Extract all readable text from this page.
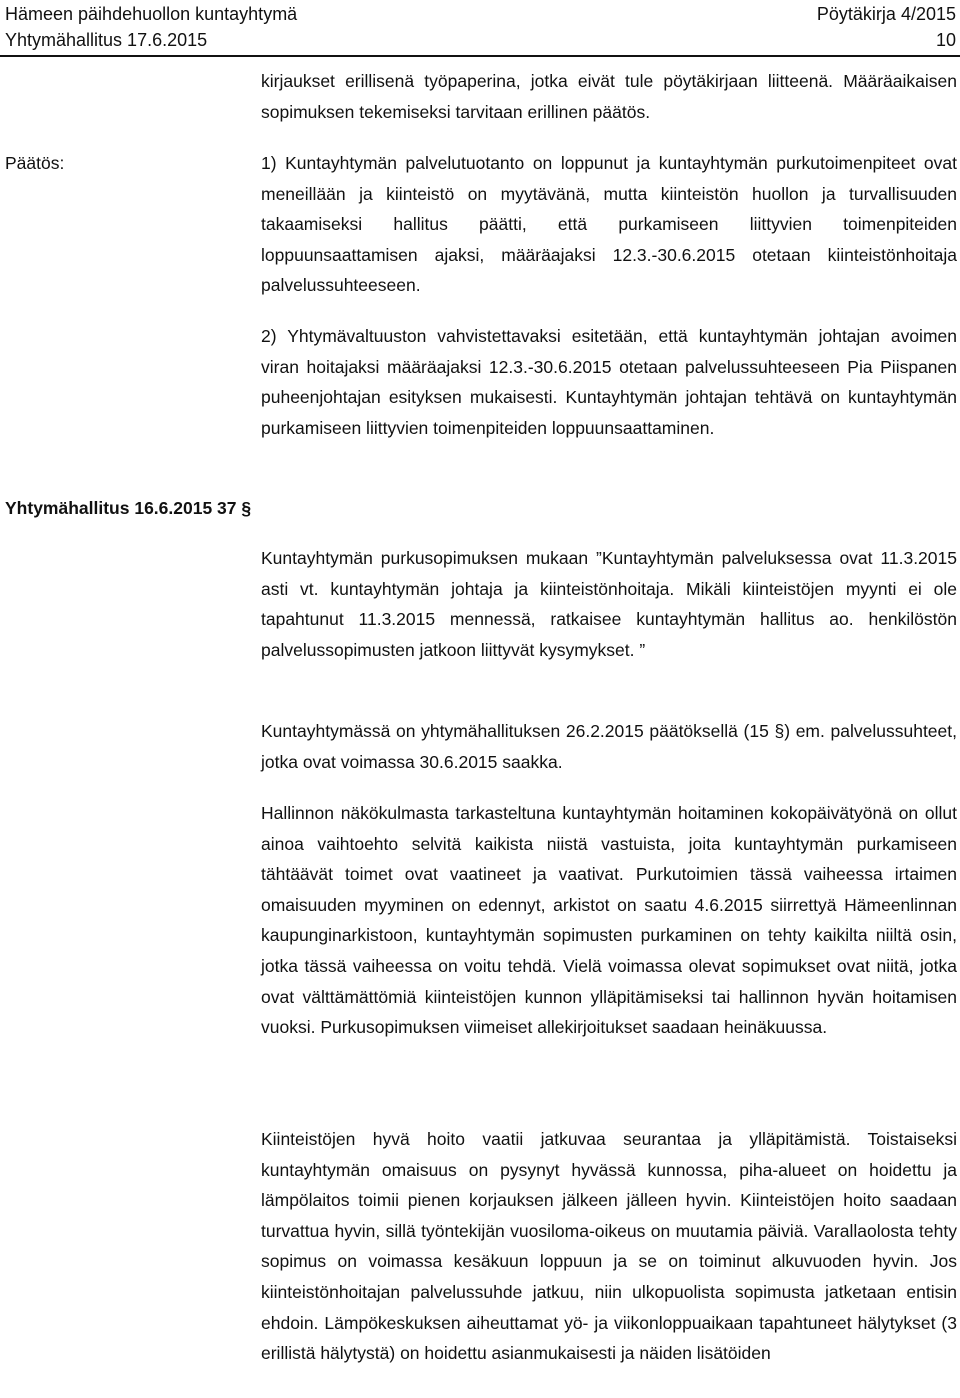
Hämeen päihdehuollon kuntayhtymä	Pöytäkirja 4/2015
Yhtymähallitus 17.6.2015	10
Päätös:
Yhtymähallitus 16.6.2015 37 §

kirjaukset erillisenä työpaperina, jotka eivät tule pöytäkirjaan liitteenä. Määräaikaisen sopimuksen tekemiseksi tarvitaan erillinen päätös.

1) Kuntayhtymän palvelutuotanto on loppunut ja kuntayhtymän purkutoimenpiteet ovat meneillään ja kiinteistö on myytävänä, mutta kiinteistön huollon ja turvallisuuden takaamiseksi hallitus päätti, että purkamiseen liittyvien toimenpiteiden loppuunsaattamisen ajaksi, määräajaksi 12.3.-30.6.2015 otetaan kiinteistönhoitaja palvelussuhteeseen.

2) Yhtymävaltuuston vahvistettavaksi esitetään, että kuntayhtymän johtajan avoimen viran hoitajaksi määräajaksi 12.3.-30.6.2015 otetaan palvelussuhteeseen Pia Piispanen puheenjohtajan esityksen mukaisesti. Kuntayhtymän johtajan tehtävä on kuntayhtymän purkamiseen liittyvien toimenpiteiden loppuunsaattaminen.

Kuntayhtymän purkusopimuksen mukaan ”Kuntayhtymän palveluksessa ovat 11.3.2015 asti vt. kuntayhtymän johtaja ja kiinteistönhoitaja. Mikäli kiinteistöjen myynti ei ole tapahtunut 11.3.2015 mennessä, ratkaisee kuntayhtymän hallitus ao. henkilöstön palvelussopimusten jatkoon liittyvät kysymykset. ”

Kuntayhtymässä on yhtymähallituksen 26.2.2015 päätöksellä (15 §) em. palvelussuhteet, jotka ovat voimassa 30.6.2015 saakka.

Hallinnon näkökulmasta tarkasteltuna kuntayhtymän hoitaminen kokopäivätyönä on ollut ainoa vaihtoehto selvitä kaikista niistä vastuista, joita kuntayhtymän purkamiseen tähtäävät toimet ovat vaatineet ja vaativat. Purkutoimien tässä vaiheessa irtaimen omaisuuden myyminen on edennyt, arkistot on saatu 4.6.2015 siirrettyä Hämeenlinnan kaupunginarkistoon, kuntayhtymän sopimusten purkaminen on tehty kaikilta niiltä osin, jotka tässä vaiheessa on voitu tehdä. Vielä voimassa olevat sopimukset ovat niitä, jotka ovat välttämättömiä kiinteistöjen kunnon ylläpitämiseksi tai hallinnon hyvän hoitamisen vuoksi. Purkusopimuksen viimeiset allekirjoitukset saadaan heinäkuussa.

Kiinteistöjen hyvä hoito vaatii jatkuvaa seurantaa ja ylläpitämistä. Toistaiseksi kuntayhtymän omaisuus on pysynyt hyvässä kunnossa, piha-alueet on hoidettu ja lämpölaitos toimii pienen korjauksen jälkeen jälleen hyvin. Kiinteistöjen hoito saadaan turvattua hyvin, sillä työntekijän vuosiloma-oikeus on muutamia päiviä. Varallaolosta tehty sopimus on voimassa kesäkuun loppuun ja se on toiminut alkuvuoden hyvin. Jos kiinteistönhoitajan palvelussuhde jatkuu, niin ulkopuolista sopimusta jatketaan entisin ehdoin. Lämpökeskuksen aiheuttamat yö- ja viikonloppuaikaan tapahtuneet hälytykset (3 erillistä hälytystä) on hoidettu asianmukaisesti ja näiden lisätöiden
